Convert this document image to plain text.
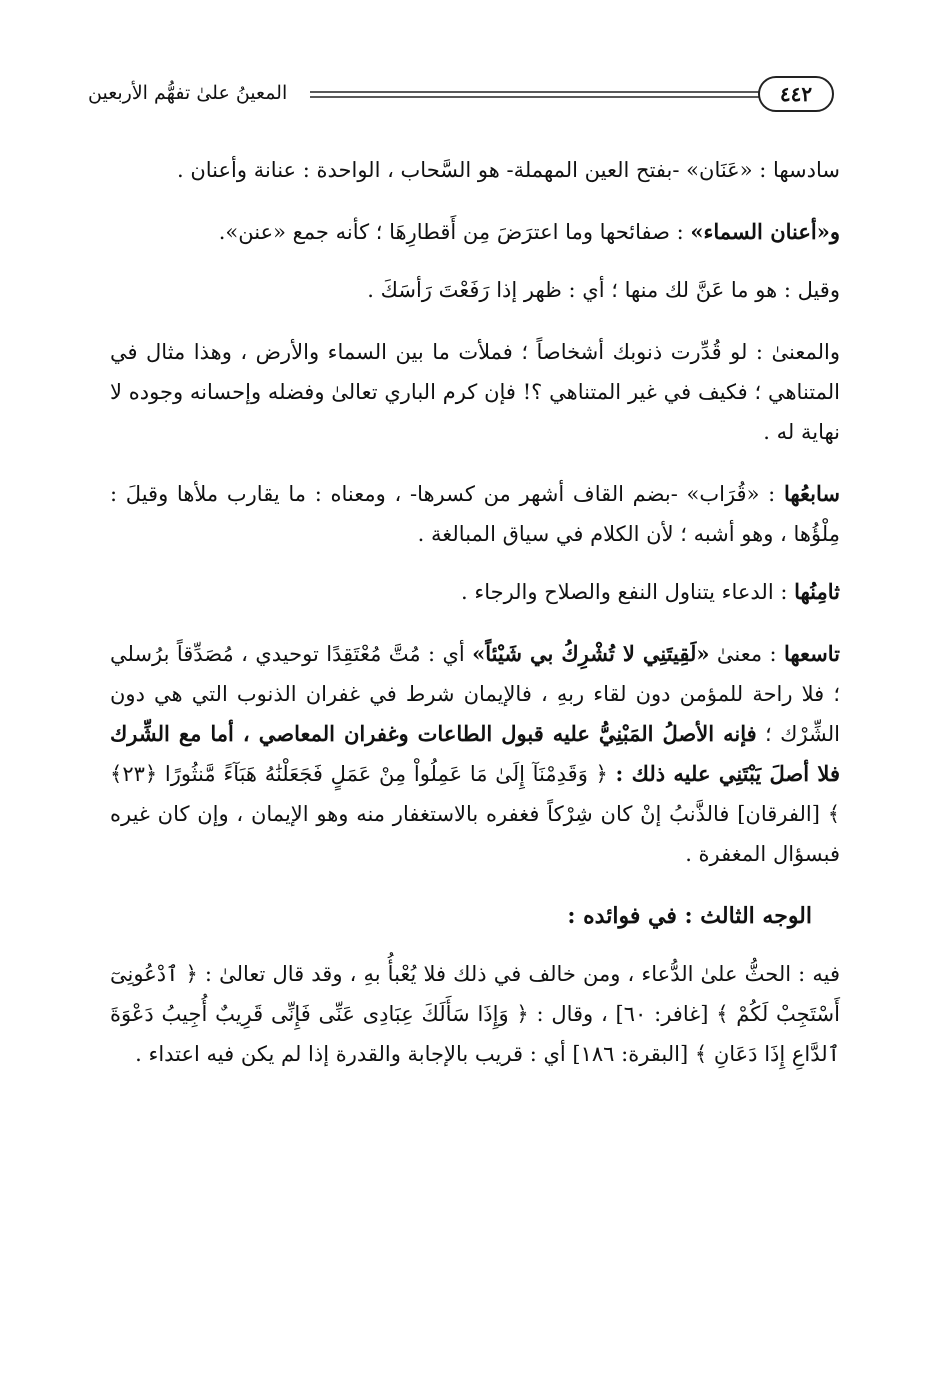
المعينُ علىٰ تفهُّم الأربعين	٤٤٢

سادسها : «عَنَان» -بفتح العين المهملة- هو السَّحاب ، الواحدة : عنانة وأعنان .

و«أعنان السماء» : صفائحها وما اعترَضَ مِن أَقطارِهَا ؛ كأنه جمع «عنن».

وقيل : هو ما عَنَّ لك منها ؛ أي : ظهر إذا رَفَعْتَ رَأسَكَ .

والمعنىٰ : لو قُدِّرت ذنوبك أشخاصاً ؛ فملأت ما بين السماء والأرض ، وهذا مثال في المتناهي ؛ فكيف في غير المتناهي ؟! فإن كرم الباري تعالىٰ وفضله وإحسانه وجوده لا نهاية له .

سابعُها : «قُرَاب» -بضم القاف أشهر من كسرها- ، ومعناه : ما يقارب ملأها وقيلَ : مِلْؤُها ، وهو أشبه ؛ لأن الكلام في سياق المبالغة .

ثامِنُها : الدعاء يتناول النفع والصلاح والرجاء .

تاسعها : معنىٰ «لَقِيتَنِي لا تُشْرِكُ بي شَيْئاً» أي : مُتَّ مُعْتَقِدًا توحيدي ، مُصَدِّقاً برُسلي ؛ فلا راحة للمؤمن دون لقاء ربهِ ، فالإيمان شرط في غفران الذنوب التي هي دون الشِّرْك ؛ فإنه الأصلُ المَبْنِيُّ عليه قبول الطاعات وغفران المعاصي ، أما مع الشِّرك فلا أصلَ يَبْتَنِي عليه ذلك : ﴿ وَقَدِمْنَآ إِلَىٰ مَا عَمِلُواْ مِنْ عَمَلٍ فَجَعَلْنَٰهُ هَبَآءً مَّنثُورًا ﴿٢٣﴾ ﴾ [الفرقان] فالذَّنبُ إنْ كان شِرْكاً فغفره بالاستغفار منه وهو الإيمان ، وإن كان غيره فبسؤال المغفرة .

الوجه الثالث : في فوائده :

فيه : الحثُّ علىٰ الدُّعاء ، ومن خالف في ذلك فلا يُعْبأُ بهِ ، وقد قال تعالىٰ : ﴿ ٱدْعُونِىٓ أَسْتَجِبْ لَكُمْ ﴾ [غافر: ٦٠] ، وقال : ﴿ وَإِذَا سَأَلَكَ عِبَادِى عَنِّى فَإِنِّى قَرِيبٌ أُجِيبُ دَعْوَةَ ٱلدَّاعِ إِذَا دَعَانِ ﴾ [البقرة: ١٨٦] أي : قريب بالإجابة والقدرة إذا لم يكن فيه اعتداء .
